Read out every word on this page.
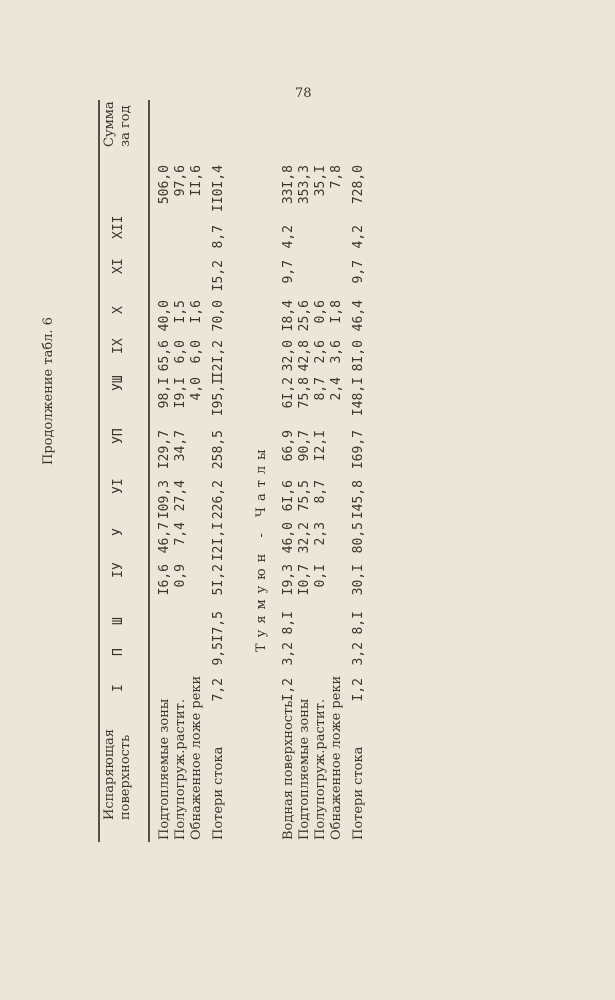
78
Продолжение табл. 6
Испаряющая поверхность
I
П
Ш
IУ
У
УI
УП
УШ
IX
X
XI
XII
Сумма за год
Подтопляемые зоны
I6,6
46,7
I09,3
I29,7
98,I
65,6
40,0
506,0
Полупогруж.растит.
0,9
7,4
27,4
34,7
I9,I
6,0
I,5
97,6
Обнаженное ложе реки
4,0
6,0
I,6
II,6
Потери стока
7,2
9,5
I7,5
5I,2
I2I,I
226,2
258,5
I95,I
I2I,2
70,0
I5,2
8,7
II0I,4
Туямуюн - Чатлы
Водная поверхность
I,2
3,2
8,I
I9,3
46,0
6I,6
66,9
6I,2
32,0
I8,4
9,7
4,2
33I,8
Подтопляемые зоны
I0,7
32,2
75,5
90,7
75,8
42,8
25,6
353,3
Полупогруж.растит.
0,I
2,3
8,7
I2,I
8,7
2,6
0,6
35,I
Обнаженное ложе реки
2,4
3,6
I,8
7,8
Потери стока
I,2
3,2
8,I
30,I
80,5
I45,8
I69,7
I48,I
8I,0
46,4
9,7
4,2
728,0
